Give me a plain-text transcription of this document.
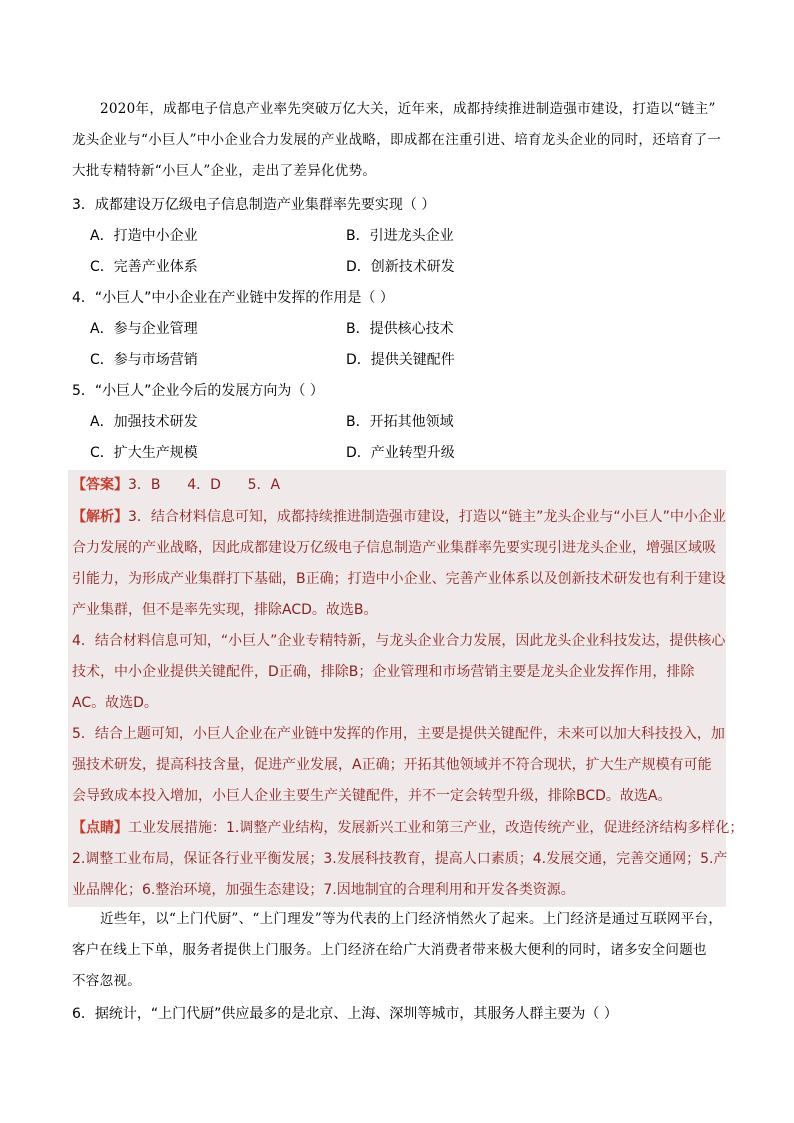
2020年，成都电子信息产业率先突破万亿大关，近年来，成都持续推进制造强市建设，打造以“链主”
龙头企业与“小巨人”中小企业合力发展的产业战略，即成都在注重引进、培育龙头企业的同时，还培育了一
大批专精特新“小巨人”企业，走出了差异化优势。
3．成都建设万亿级电子信息制造产业集群率先要实现（ ）
A．打造中小企业	B．引进龙头企业
C．完善产业体系	D．创新技术研发
4．“小巨人”中小企业在产业链中发挥的作用是（ ）
A．参与企业管理	B．提供核心技术
C．参与市场营销	D．提供关键配件
5．“小巨人”企业今后的发展方向为（ ）
A．加强技术研发	B．开拓其他领域
C．扩大生产规模	D．产业转型升级
【答案】3．B      4．D      5．A
【解析】3．结合材料信息可知，成都持续推进制造强市建设，打造以“链主”龙头企业与“小巨人”中小企业
合力发展的产业战略，因此成都建设万亿级电子信息制造产业集群率先要实现引进龙头企业，增强区域吸
引能力，为形成产业集群打下基础，B正确；打造中小企业、完善产业体系以及创新技术研发也有利于建设
产业集群，但不是率先实现，排除ACD。故选B。
4．结合材料信息可知，“小巨人”企业专精特新，与龙头企业合力发展，因此龙头企业科技发达，提供核心
技术，中小企业提供关键配件，D正确，排除B；企业管理和市场营销主要是龙头企业发挥作用，排除
AC。故选D。
5．结合上题可知，小巨人企业在产业链中发挥的作用，主要是提供关键配件，未来可以加大科技投入，加
强技术研发，提高科技含量，促进产业发展，A正确；开拓其他领域并不符合现状，扩大生产规模有可能
会导致成本投入增加，小巨人企业主要生产关键配件，并不一定会转型升级，排除BCD。故选A。
【点睛】工业发展措施：1.调整产业结构，发展新兴工业和第三产业，改造传统产业，促进经济结构多样化；
2.调整工业布局，保证各行业平衡发展；3.发展科技教育，提高人口素质；4.发展交通，完善交通网；5.产
业品牌化；6.整治环境，加强生态建设；7.因地制宜的合理利用和开发各类资源。
近些年，以“上门代厨”、“上门理发”等为代表的上门经济悄然火了起来。上门经济是通过互联网平台，
客户在线上下单，服务者提供上门服务。上门经济在给广大消费者带来极大便利的同时，诸多安全问题也
不容忽视。
6．据统计，“上门代厨”供应最多的是北京、上海、深圳等城市，其服务人群主要为（ ）
